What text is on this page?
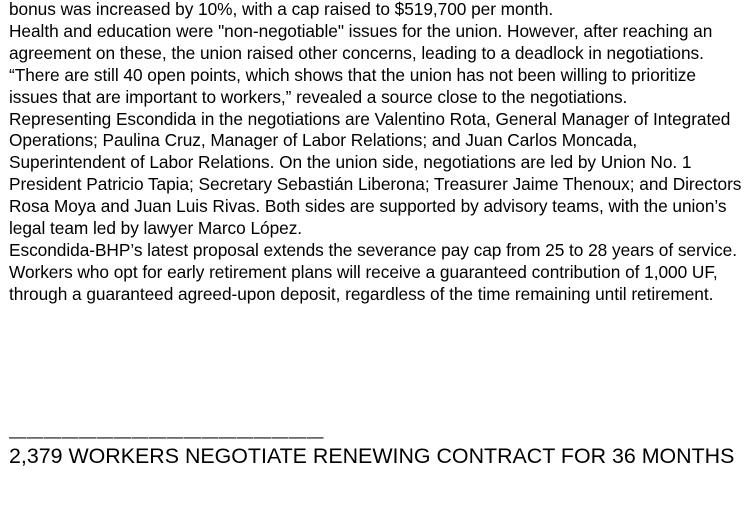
bonus was increased by 10%, with a cap raised to $519,700 per month.

Health and education were "non-negotiable" issues for the union. However, after reaching an agreement on these, the union raised other concerns, leading to a deadlock in negotiations.

“There are still 40 open points, which shows that the union has not been willing to prioritize issues that are important to workers,” revealed a source close to the negotiations.

Representing Escondida in the negotiations are Valentino Rota, General Manager of Integrated Operations; Paulina Cruz, Manager of Labor Relations; and Juan Carlos Moncada, Superintendent of Labor Relations. On the union side, negotiations are led by Union No. 1 President Patricio Tapia; Secretary Sebastián Liberona; Treasurer Jaime Thenoux; and Directors Rosa Moya and Juan Luis Rivas. Both sides are supported by advisory teams, with the union’s legal team led by lawyer Marco López.

Escondida-BHP’s latest proposal extends the severance pay cap from 25 to 28 years of service. Workers who opt for early retirement plans will receive a guaranteed contribution of 1,000 UF, through a guaranteed agreed-upon deposit, regardless of the time remaining until retirement.

——————————————————

2,379 WORKERS NEGOTIATE RENEWING CONTRACT FOR 36 MONTHS
